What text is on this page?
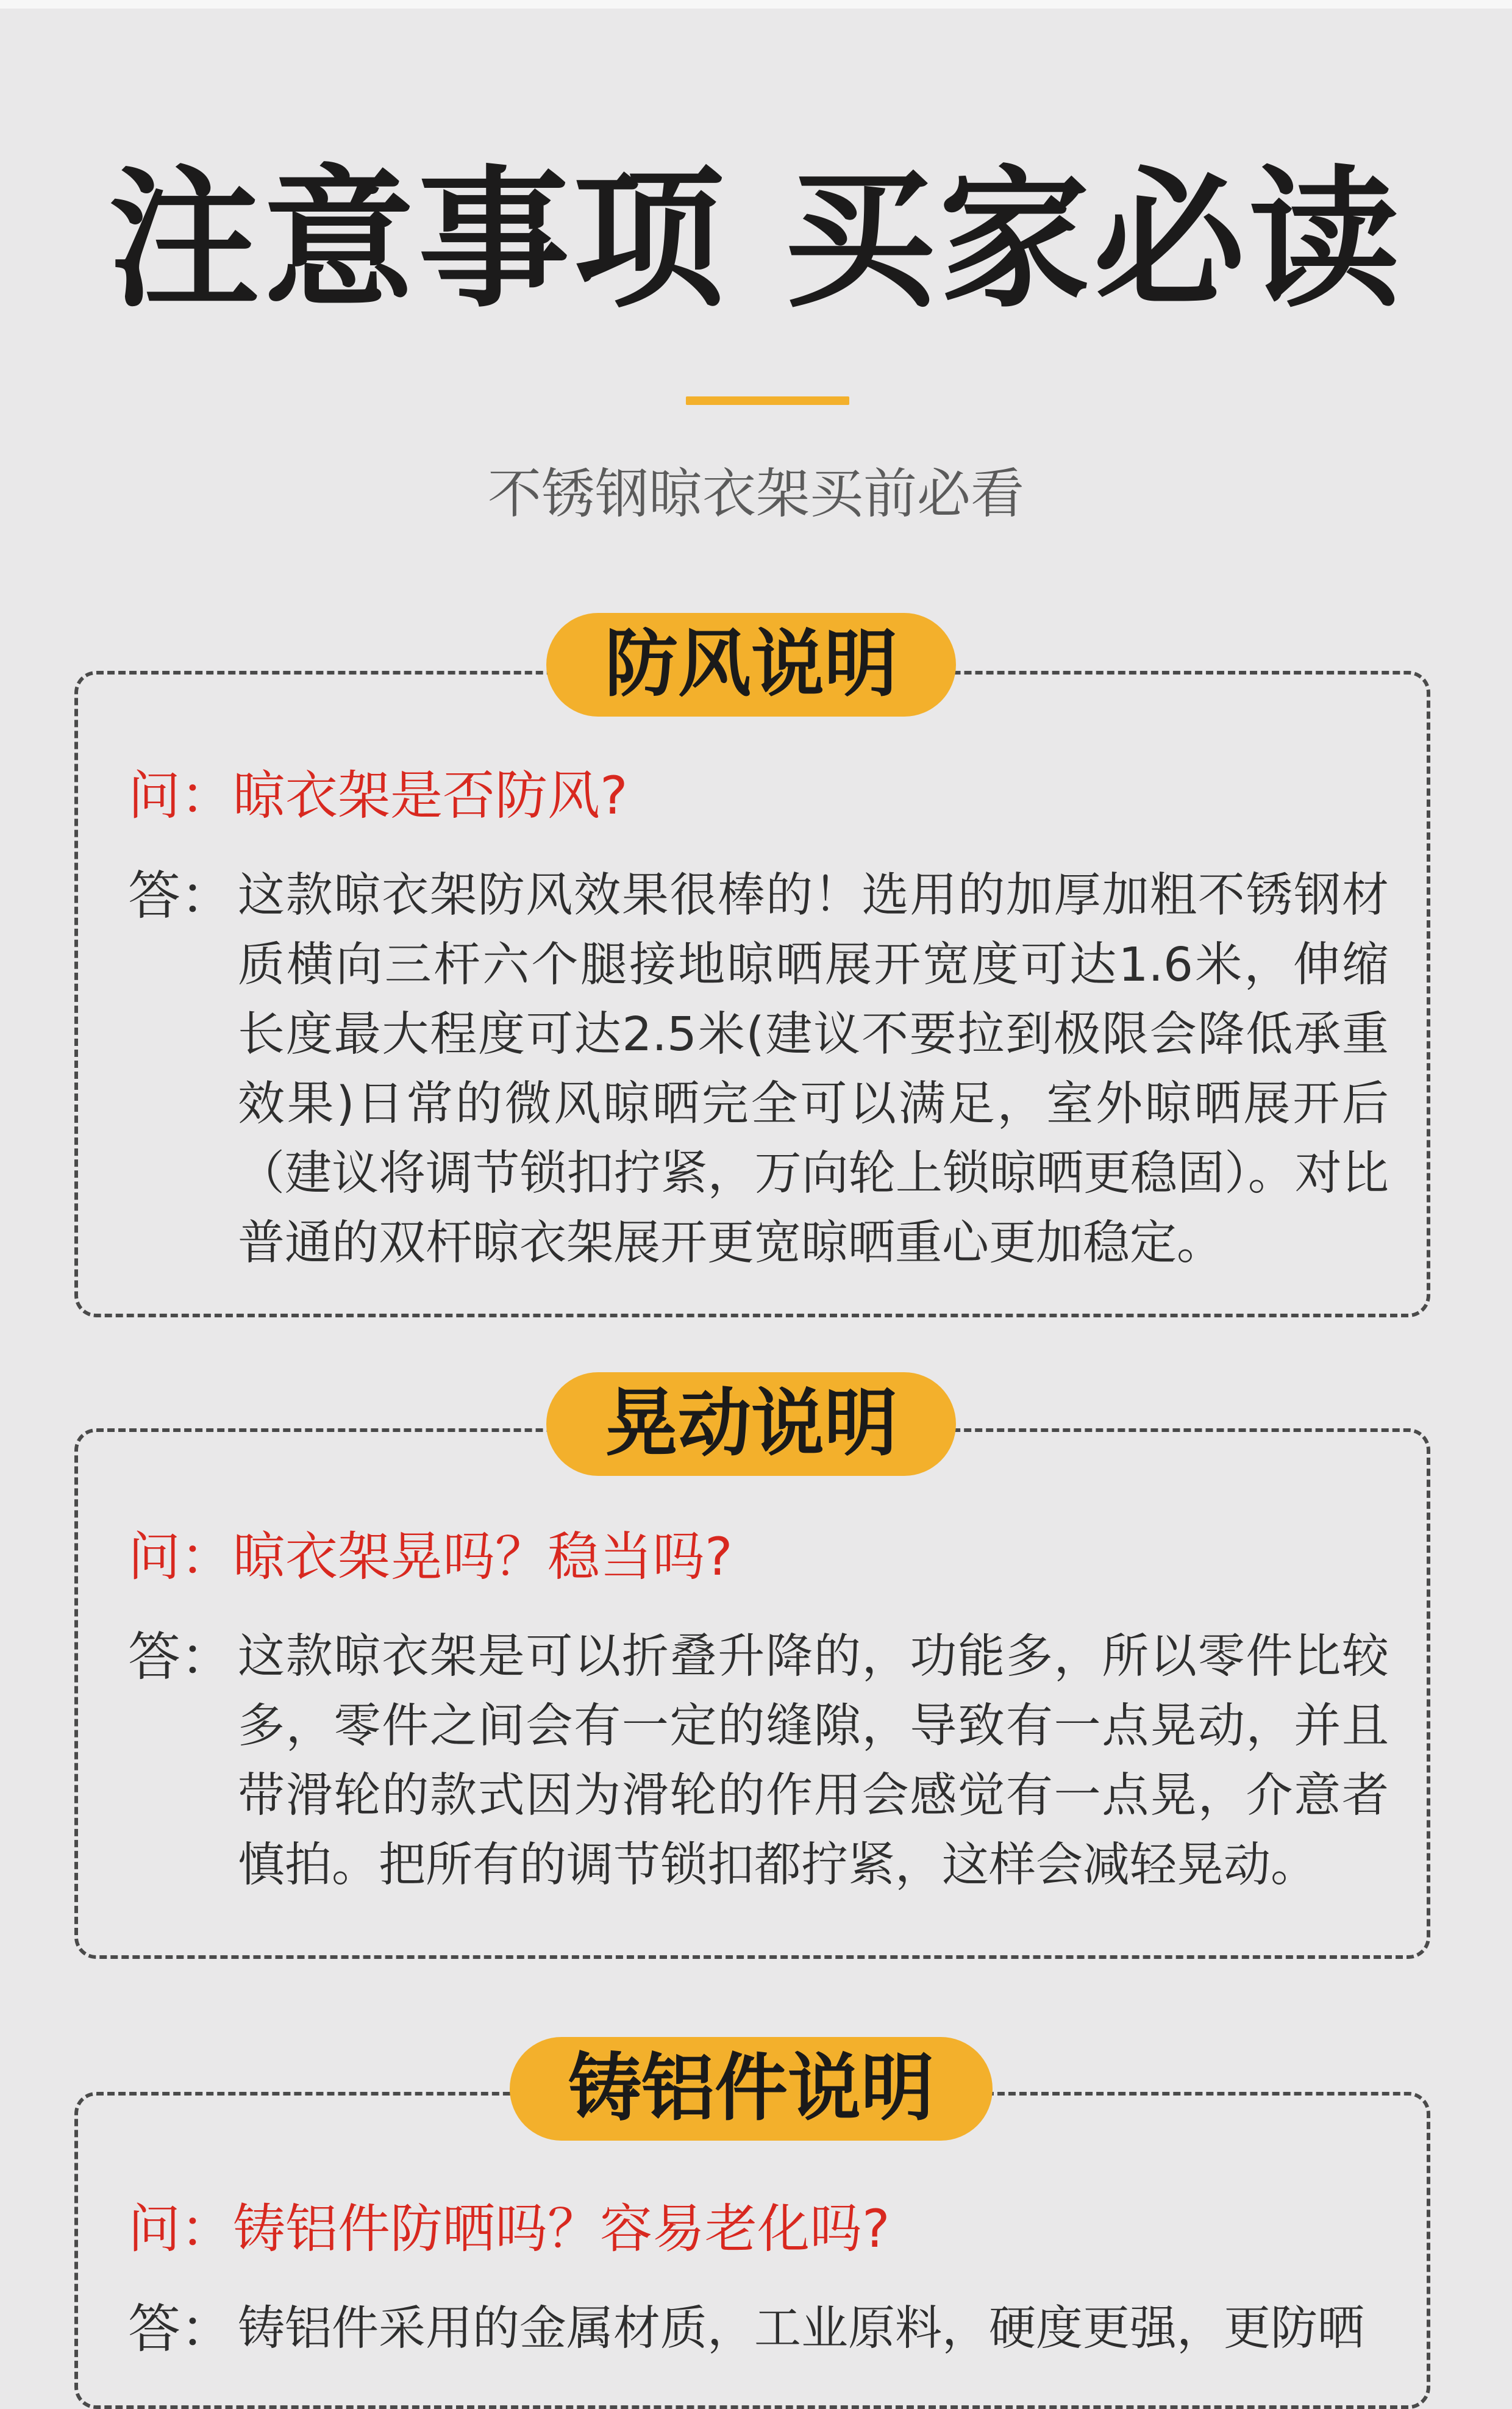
注意事项 买家必读
不锈钢晾衣架买前必看
防风说明
问：晾衣架是否防风?
答： 这款晾衣架防风效果很棒的！选用的加厚加粗不锈钢材质横向三杆六个腿接地晾晒展开宽度可达1.6米，伸缩长度最大程度可达2.5米(建议不要拉到极限会降低承重效果)日常的微风晾晒完全可以满足，室外晾晒展开后（建议将调节锁扣拧紧，万向轮上锁晾晒更稳固）。对比普通的双杆晾衣架展开更宽晾晒重心更加稳定。
晃动说明
问：晾衣架晃吗？稳当吗?
答： 这款晾衣架是可以折叠升降的，功能多，所以零件比较多，零件之间会有一定的缝隙，导致有一点晃动，并且带滑轮的款式因为滑轮的作用会感觉有一点晃，介意者慎拍。把所有的调节锁扣都拧紧，这样会减轻晃动。
铸铝件说明
问：铸铝件防晒吗？容易老化吗?
答： 铸铝件采用的金属材质，工业原料，硬度更强，更防晒
